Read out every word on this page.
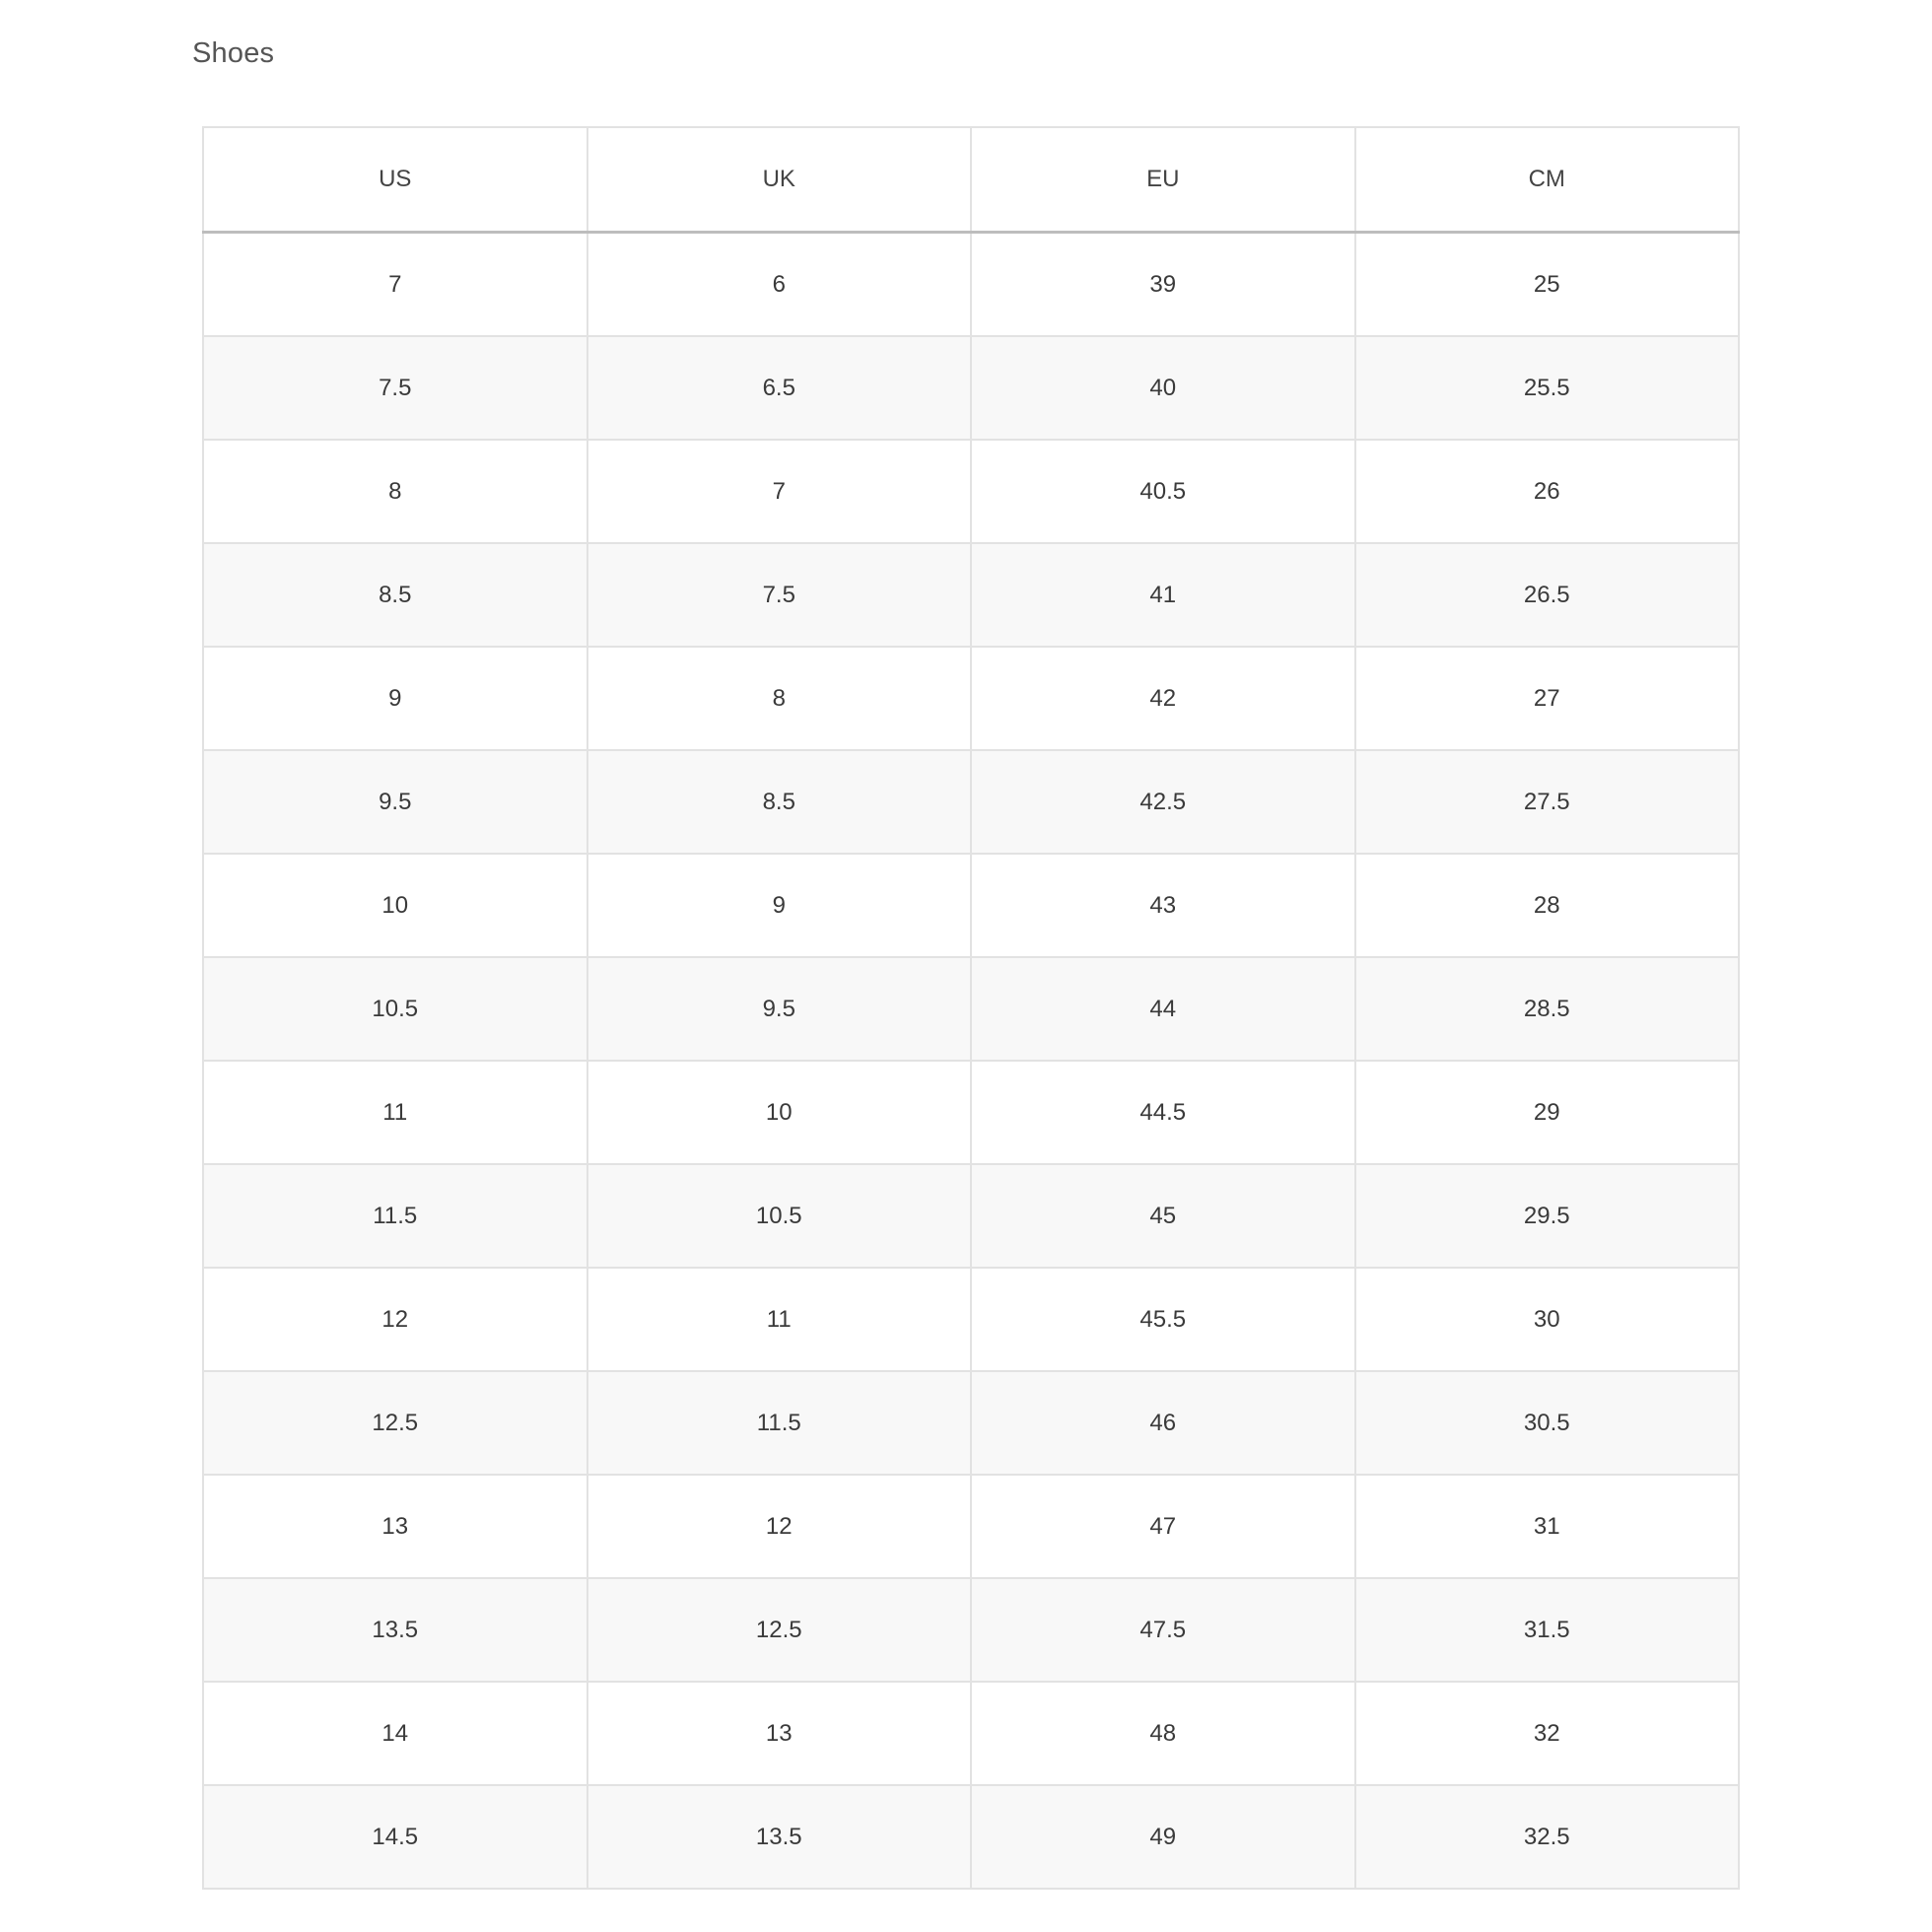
Shoes
US	UK	EU	CM
7	6	39	25
7.5	6.5	40	25.5
8	7	40.5	26
8.5	7.5	41	26.5
9	8	42	27
9.5	8.5	42.5	27.5
10	9	43	28
10.5	9.5	44	28.5
11	10	44.5	29
11.5	10.5	45	29.5
12	11	45.5	30
12.5	11.5	46	30.5
13	12	47	31
13.5	12.5	47.5	31.5
14	13	48	32
14.5	13.5	49	32.5
